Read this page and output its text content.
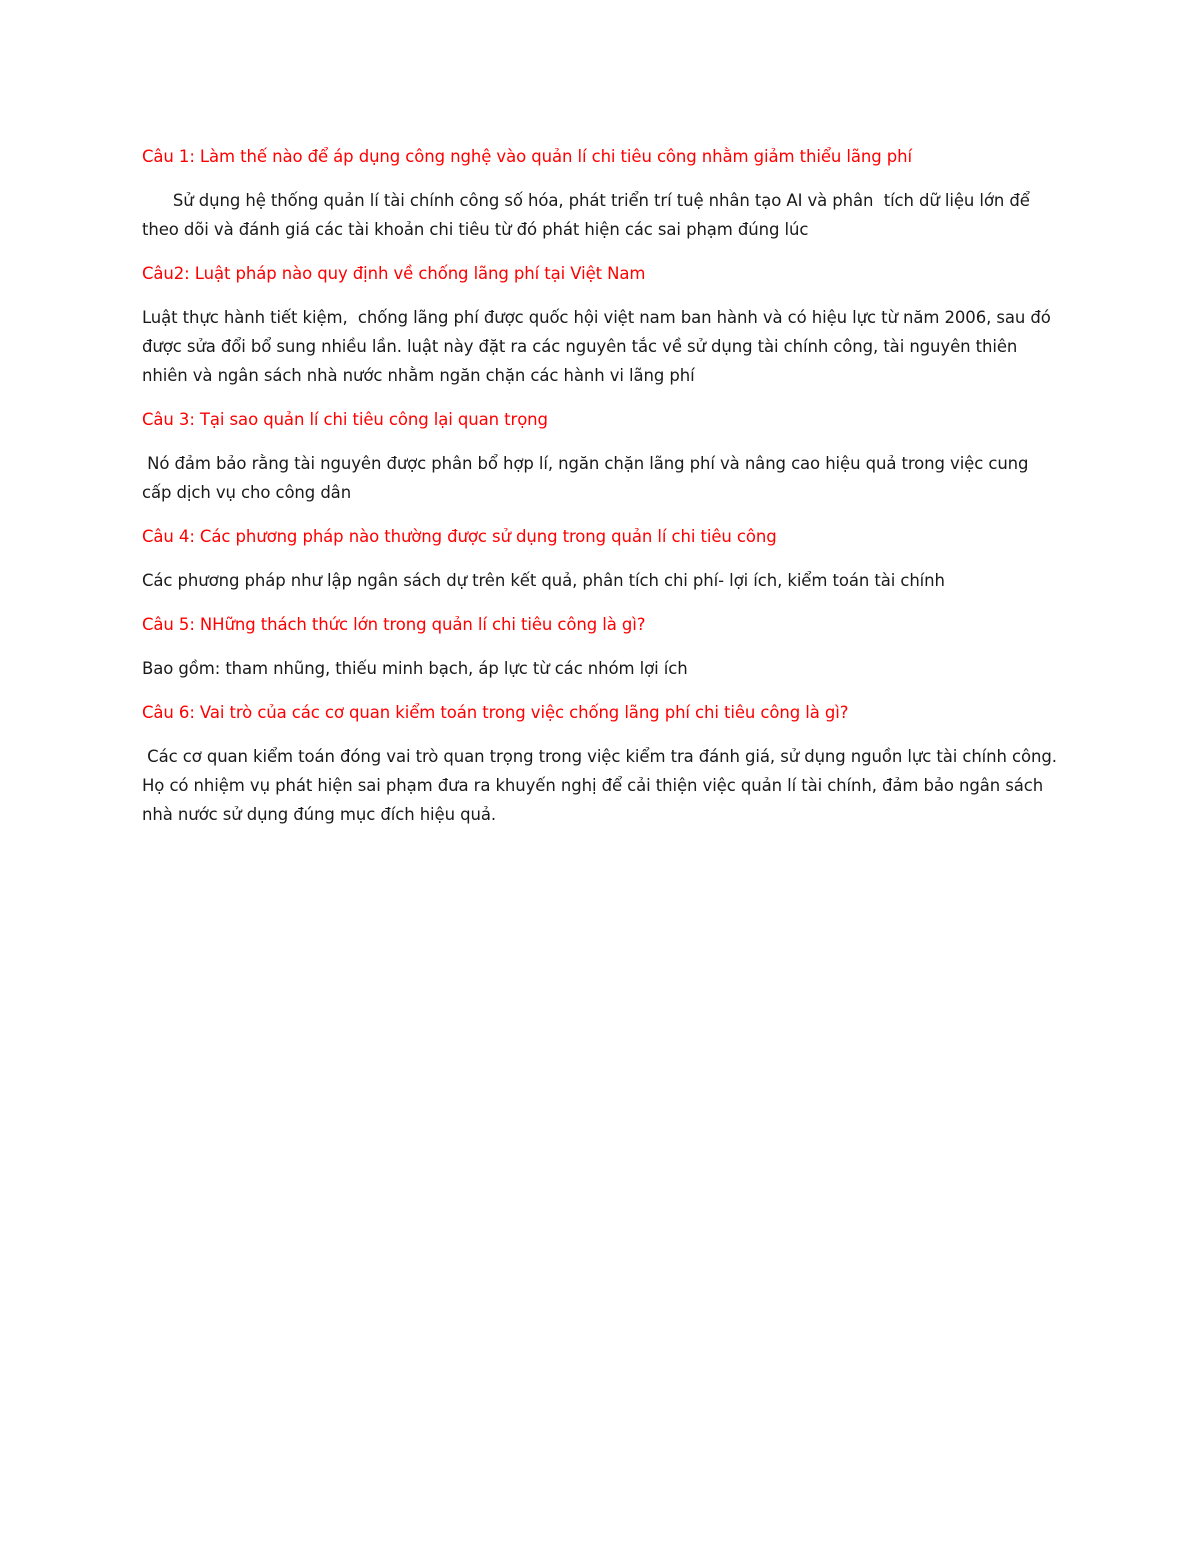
Câu 1: Làm thế nào để áp dụng công nghệ vào quản lí chi tiêu công nhằm giảm thiểu lãng phí

Sử dụng hệ thống quản lí tài chính công số hóa, phát triển trí tuệ nhân tạo AI và phân  tích dữ liệu lớn để theo dõi và đánh giá các tài khoản chi tiêu từ đó phát hiện các sai phạm đúng lúc

Câu2: Luật pháp nào quy định về chống lãng phí tại Việt Nam

Luật thực hành tiết kiệm,  chống lãng phí được quốc hội việt nam ban hành và có hiệu lực từ năm 2006, sau đó được sửa đổi bổ sung nhiều lần. luật này đặt ra các nguyên tắc về sử dụng tài chính công, tài nguyên thiên nhiên và ngân sách nhà nước nhằm ngăn chặn các hành vi lãng phí

Câu 3: Tại sao quản lí chi tiêu công lại quan trọng

Nó đảm bảo rằng tài nguyên được phân bổ hợp lí, ngăn chặn lãng phí và nâng cao hiệu quả trong việc cung cấp dịch vụ cho công dân

Câu 4: Các phương pháp nào thường được sử dụng trong quản lí chi tiêu công

Các phương pháp như lập ngân sách dự trên kết quả, phân tích chi phí- lợi ích, kiểm toán tài chính

Câu 5: NHững thách thức lớn trong quản lí chi tiêu công là gì?

Bao gồm: tham nhũng, thiếu minh bạch, áp lực từ các nhóm lợi ích

Câu 6: Vai trò của các cơ quan kiểm toán trong việc chống lãng phí chi tiêu công là gì?

Các cơ quan kiểm toán đóng vai trò quan trọng trong việc kiểm tra đánh giá, sử dụng nguồn lực tài chính công. Họ có nhiệm vụ phát hiện sai phạm đưa ra khuyến nghị để cải thiện việc quản lí tài chính, đảm bảo ngân sách nhà nước sử dụng đúng mục đích hiệu quả.
